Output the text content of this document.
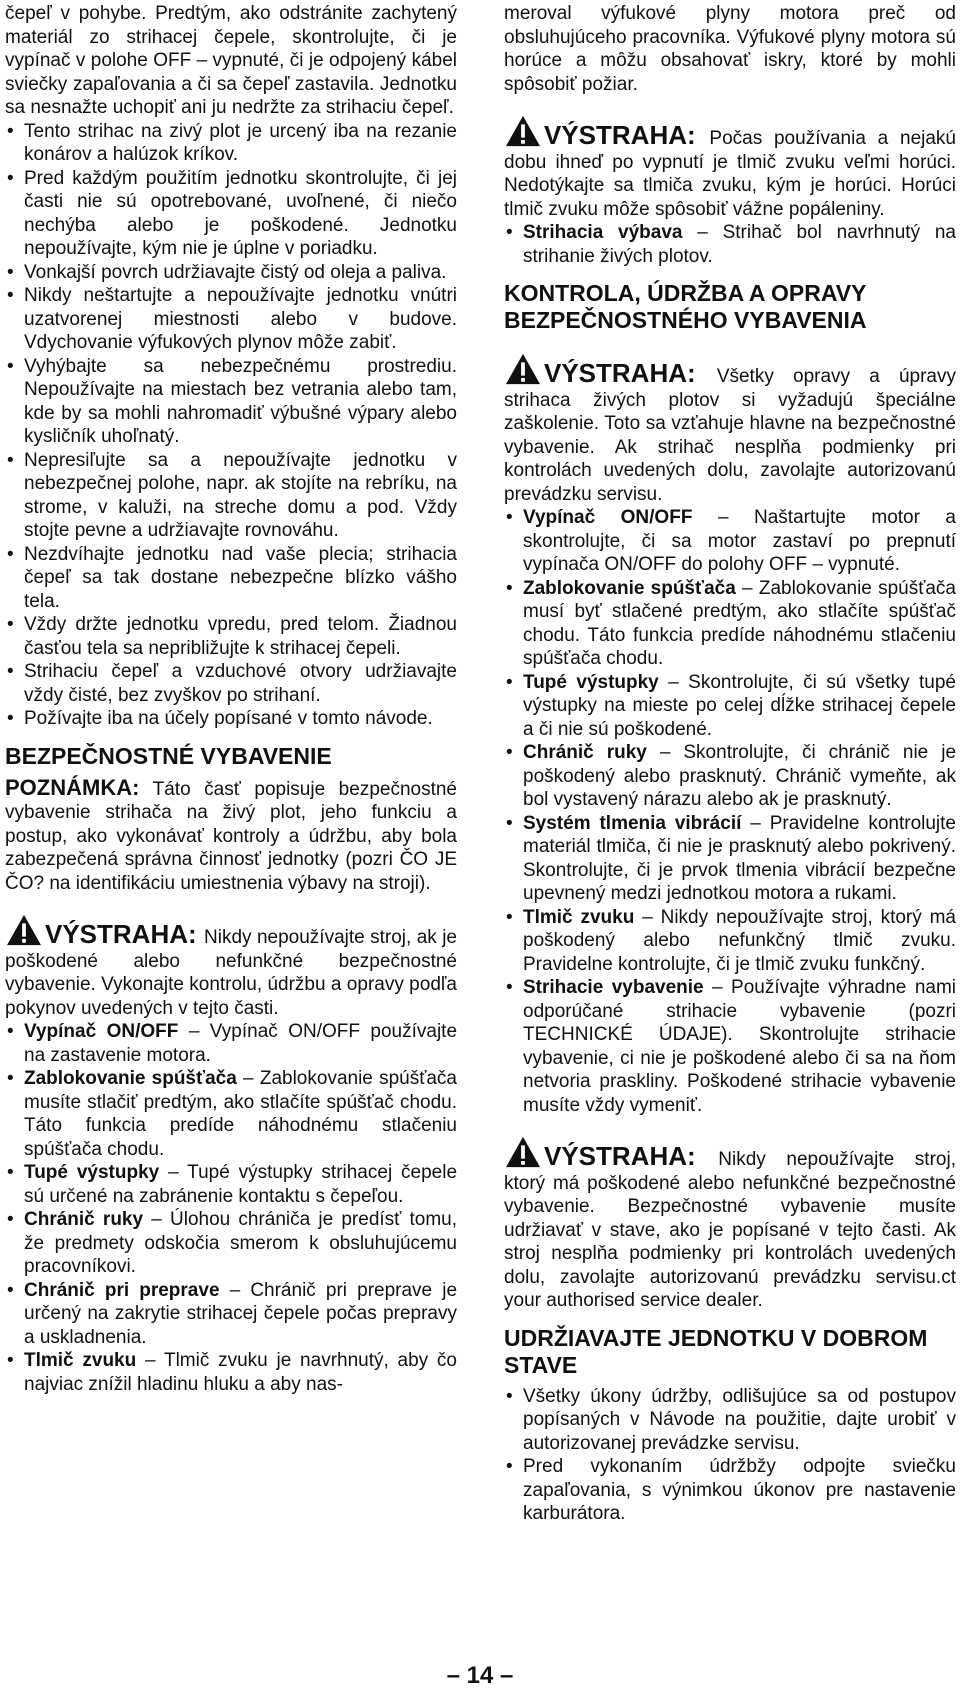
čepeľ v pohybe. Predtým, ako odstránite zachytený materiál zo strihacej čepele, skontrolujte, či je vypínač v polohe OFF – vypnuté, či je odpojený kábel sviečky zapaľovania a či sa čepeľ zastavila. Jednotku sa nesnažte uchopiť ani ju nedržte za strihaciu čepeľ.

• Tento strihac na zivý plot je urcený iba na rezanie konárov a halúzok kríkov.
• Pred každým použitím jednotku skontrolujte, či jej časti nie sú opotrebované, uvoľnené, či niečo nechýba alebo je poškodené. Jednotku nepoužívajte, kým nie je úplne v poriadku.
• Vonkajší povrch udržiavajte čistý od oleja a paliva.
• Nikdy neštartujte a nepoužívajte jednotku vnútri uzatvorenej miestnosti alebo v budove. Vdychovanie výfukových plynov môže zabiť.
• Vyhýbajte sa nebezpečnému prostrediu. Nepoužívajte na miestach bez vetrania alebo tam, kde by sa mohli nahromadiť výbušné výpary alebo kysličník uhoľnatý.
• Nepresiľujte sa a nepoužívajte jednotku v nebezpečnej polohe, napr. ak stojíte na rebríku, na strome, v kaluži, na streche domu a pod. Vždy stojte pevne a udržiavajte rovnováhu.
• Nezdvíhajte jednotku nad vaše plecia; strihacia čepeľ sa tak dostane nebezpečne blízko vášho tela.
• Vždy držte jednotku vpredu, pred telom. Žiadnou časťou tela sa nepribližujte k strihacej čepeli.
• Strihaciu čepeľ a vzduchové otvory udržiavajte vždy čisté, bez zvyškov po strihaní.
• Požívajte iba na účely popísané v tomto návode.
BEZPEČNOSTNÉ VYBAVENIE

POZNÁMKA: Táto časť popisuje bezpečnostné vybavenie strihača na živý plot, jeho funkciu a postup, ako vykonávať kontroly a údržbu, aby bola zabezpečená správna činnosť jednotky (pozri ČO JE ČO? na identifikáciu umiestnenia výbavy na stroji).

VÝSTRAHA: Nikdy nepoužívajte stroj, ak je poškodené alebo nefunkčné bezpečnostné vybavenie. Vykonajte kontrolu, údržbu a opravy podľa pokynov uvedených v tejto časti.

• Vypínač ON/OFF – Vypínač ON/OFF používajte na zastavenie motora.
• Zablokovanie spúšťača – Zablokovanie spúšťača musíte stlačiť predtým, ako stlačíte spúšťač chodu. Táto funkcia predíde náhodnému stlačeniu spúšťača chodu.
• Tupé výstupky – Tupé výstupky strihacej čepele sú určené na zabránenie kontaktu s čepeľou.
• Chránič ruky – Úlohou chrániča je predísť tomu, že predmety odskočia smerom k obsluhujúcemu pracovníkovi.
• Chránič pri preprave – Chránič pri preprave je určený na zakrytie strihacej čepele počas prepravy a uskladnenia.
• Tlmič zvuku – Tlmič zvuku je navrhnutý, aby čo najviac znížil hladinu hluku a aby nas-

meroval výfukové plyny motora preč od obsluhujúceho pracovníka. Výfukové plyny motora sú horúce a môžu obsahovať iskry, ktoré by mohli spôsobiť požiar.

VÝSTRAHA: Počas používania a nejakú dobu ihneď po vypnutí je tlmič zvuku veľmi horúci. Nedotýkajte sa tlmiča zvuku, kým je horúci. Horúci tlmič zvuku môže spôsobiť vážne popáleniny.

• Strihacia výbava – Strihač bol navrhnutý na strihanie živých plotov.
KONTROLA, ÚDRŽBA A OPRAVY BEZPEČNOSTNÉHO VYBAVENIA

VÝSTRAHA: Všetky opravy a úpravy strihaca živých plotov si vyžadujú špeciálne zaškolenie. Toto sa vzťahuje hlavne na bezpečnostné vybavenie. Ak strihač nesplňa podmienky pri kontrolách uvedených dolu, zavolajte autorizovanú prevádzku servisu.

• Vypínač ON/OFF – Naštartujte motor a skontrolujte, či sa motor zastaví po prepnutí vypínača ON/OFF do polohy OFF – vypnuté.
• Zablokovanie spúšťača – Zablokovanie spúšťača musí byť stlačené predtým, ako stlačíte spúšťač chodu. Táto funkcia predíde náhodnému stlačeniu spúšťača chodu.
• Tupé výstupky – Skontrolujte, či sú všetky tupé výstupky na mieste po celej dĺžke strihacej čepele a či nie sú poškodené.
• Chránič ruky – Skontrolujte, či chránič nie je poškodený alebo prasknutý. Chránič vymeňte, ak bol vystavený nárazu alebo ak je prasknutý.
• Systém tlmenia vibrácií – Pravidelne kontrolujte materiál tlmiča, či nie je prasknutý alebo pokrivený. Skontrolujte, či je prvok tlmenia vibrácií bezpečne upevnený medzi jednotkou motora a rukami.
• Tlmič zvuku – Nikdy nepoužívajte stroj, ktorý má poškodený alebo nefunkčný tlmič zvuku. Pravidelne kontrolujte, či je tlmič zvuku funkčný.
• Strihacie vybavenie – Používajte výhradne nami odporúčané strihacie vybavenie (pozri TECHNICKÉ ÚDAJE). Skontrolujte strihacie vybavenie, ci nie je poškodené alebo či sa na ňom netvoria praskliny. Poškodené strihacie vybavenie musíte vždy vymeniť.

VÝSTRAHA: Nikdy nepoužívajte stroj, ktorý má poškodené alebo nefunkčné bezpečnostné vybavenie. Bezpečnostné vybavenie musíte udržiavať v stave, ako je popísané v tejto časti. Ak stroj nesplňa podmienky pri kontrolách uvedených dolu, zavolajte autorizovanú prevádzku servisu.ct your authorised service dealer.

UDRŽIAVAJTE JEDNOTKU V DOBROM STAVE
• Všetky úkony údržby, odlišujúce sa od postupov popísaných v Návode na použitie, dajte urobiť v autorizovanej prevádzke servisu.
• Pred vykonaním údržbžy odpojte sviečku zapaľovania, s výnimkou úkonov pre nastavenie karburátora.
– 14 –
